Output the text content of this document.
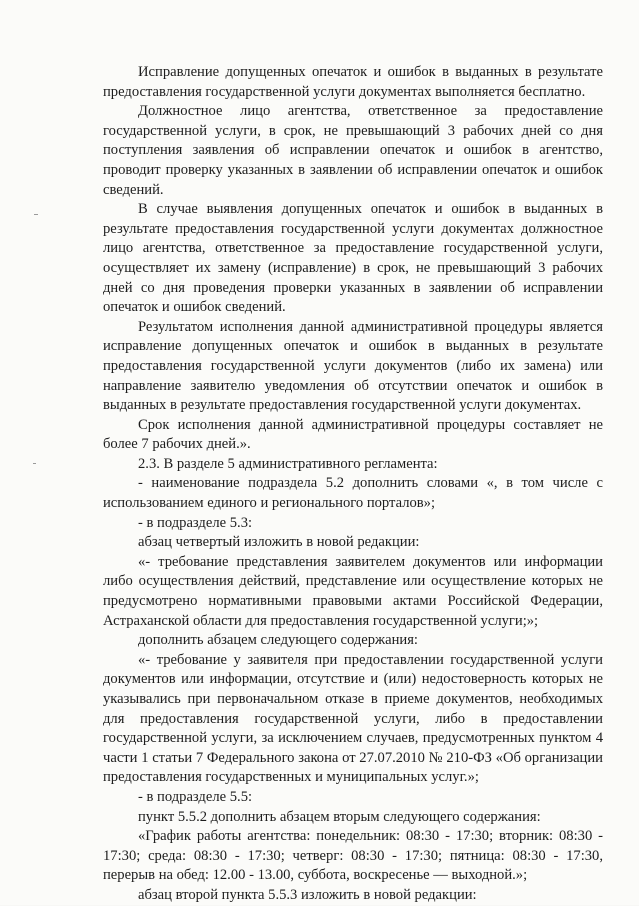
Исправление допущенных опечаток и ошибок в выданных в результате предоставления государственной услуги документах выполняется бесплатно.

Должностное лицо агентства, ответственное за предоставление государственной услуги, в срок, не превышающий 3 рабочих дней со дня поступления заявления об исправлении опечаток и ошибок в агентство, проводит проверку указанных в заявлении об исправлении опечаток и ошибок сведений.

В случае выявления допущенных опечаток и ошибок в выданных в результате предоставления государственной услуги документах должностное лицо агентства, ответственное за предоставление государственной услуги, осуществляет их замену (исправление) в срок, не превышающий 3 рабочих дней со дня проведения проверки указанных в заявлении об исправлении опечаток и ошибок сведений.

Результатом исполнения данной административной процедуры является исправление допущенных опечаток и ошибок в выданных в результате предоставления государственной услуги документов (либо их замена) или направление заявителю уведомления об отсутствии опечаток и ошибок в выданных в результате предоставления государственной услуги документах.

Срок исполнения данной административной процедуры составляет не более 7 рабочих дней.».

2.3. В разделе 5 административного регламента:

- наименование подраздела 5.2 дополнить словами «, в том числе с использованием единого и регионального порталов»;

- в подразделе 5.3:

абзац четвертый изложить в новой редакции:

«- требование представления заявителем документов или информации либо осуществления действий, представление или осуществление которых не предусмотрено нормативными правовыми актами Российской Федерации, Астраханской области для предоставления государственной услуги;»;

дополнить абзацем следующего содержания:

«- требование у заявителя при предоставлении государственной услуги документов или информации, отсутствие и (или) недостоверность которых не указывались при первоначальном отказе в приеме документов, необходимых для предоставления государственной услуги, либо в предоставлении государственной услуги, за исключением случаев, предусмотренных пунктом 4 части 1 статьи 7 Федерального закона от 27.07.2010 № 210-ФЗ «Об организации предоставления государственных и муниципальных услуг.»;

- в подразделе 5.5:

пункт 5.5.2 дополнить абзацем вторым следующего содержания:

«График работы агентства: понедельник: 08:30 - 17:30; вторник: 08:30 - 17:30; среда: 08:30 - 17:30; четверг: 08:30 - 17:30; пятница: 08:30 - 17:30, перерыв на обед: 12.00 - 13.00, суббота, воскресенье — выходной.»;

абзац второй пункта 5.5.3 изложить в новой редакции:
